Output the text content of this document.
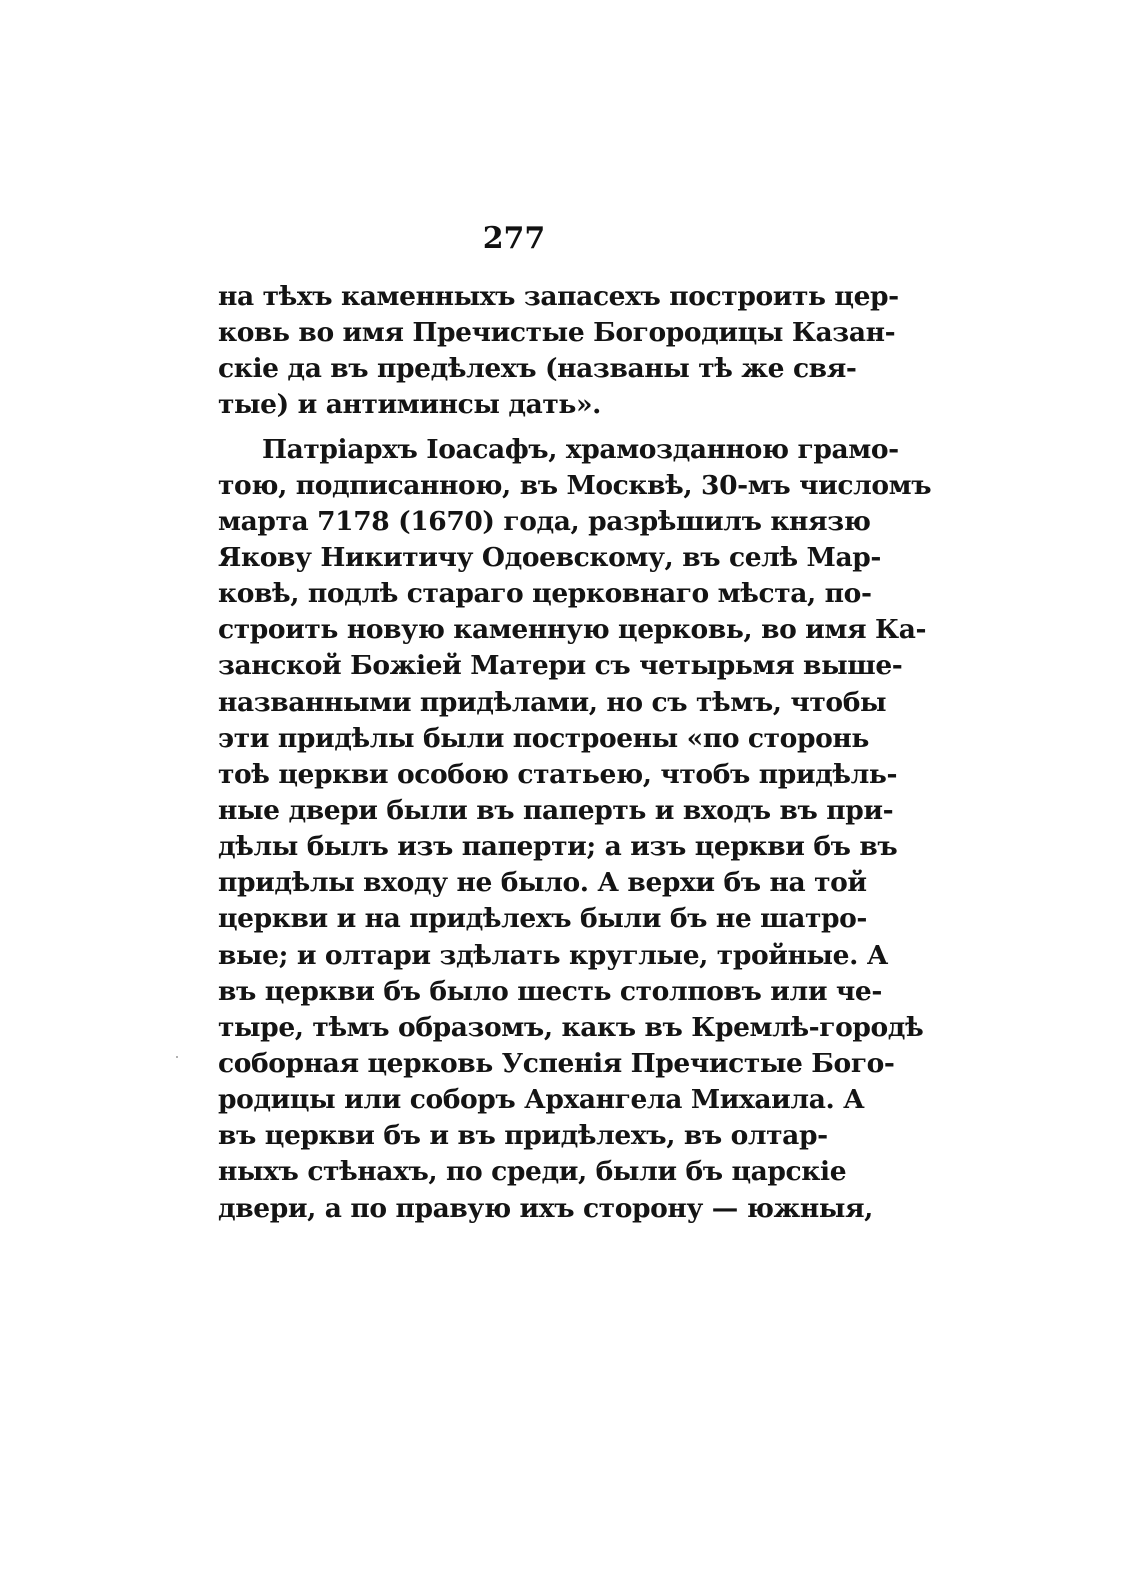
277
на тѣхъ каменныхъ запасехъ построить цер-
ковь во имя Пречистые Богородицы Казан-
скіе да въ предѣлехъ (названы тѣ же свя-
тые) и антиминсы дать».
Патріархъ Іоасафъ, храмозданною грамо-
тою, подписанною, въ Москвѣ, 30-мъ числомъ
марта 7178 (1670) года, разрѣшилъ князю
Якову Никитичу Одоевскому, въ селѣ Мар-
ковѣ, подлѣ стараго церковнаго мѣста, по-
строить новую каменную церковь, во имя Ка-
занской Божіей Матери съ четырьмя выше-
названными придѣлами, но съ тѣмъ, чтобы
эти придѣлы были построены «по сторонь
тоѣ церкви особою статьею, чтобъ придѣль-
ные двери были въ паперть и входъ въ при-
дѣлы былъ изъ паперти; а изъ церкви бъ въ
придѣлы входу не было. А верхи бъ на той
церкви и на придѣлехъ были бъ не шатро-
вые; и олтари здѣлать круглые, тройные. А
въ церкви бъ было шесть столповъ или че-
тыре, тѣмъ образомъ, какъ въ Кремлѣ-городѣ
соборная церковь Успенія Пречистые Бого-
родицы или соборъ Архангела Михаила. А
въ церкви бъ и въ придѣлехъ, въ олтар-
ныхъ стѣнахъ, по среди, были бъ царскіе
двери, а по правую ихъ сторону — южныя,
